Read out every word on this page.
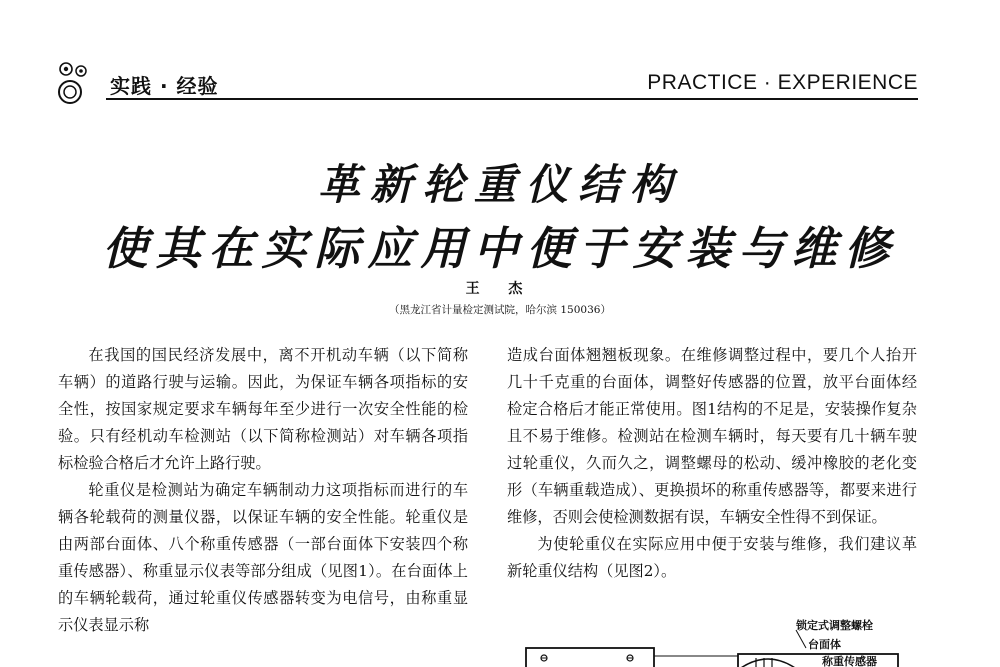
实践 · 经验	PRACTICE · EXPERIENCE
革新轮重仪结构
使其在实际应用中便于安装与维修
王 杰
（黑龙江省计量检定测试院，哈尔滨 150036）

在我国的国民经济发展中，离不开机动车辆（以下简称车辆）的道路行驶与运输。因此，为保证车辆各项指标的安全性，按国家规定要求车辆每年至少进行一次安全性能的检验。只有经机动车检测站（以下简称检测站）对车辆各项指标检验合格后才允许上路行驶。

轮重仪是检测站为确定车辆制动力这项指标而进行的车辆各轮载荷的测量仪器，以保证车辆的安全性能。轮重仪是由两部台面体、八个称重传感器（一部台面体下安装四个称重传感器）、称重显示仪表等部分组成（见图1）。在台面体上的车辆轮载荷，通过轮重仪传感器转变为电信号，由称重显示仪表显示称

造成台面体翘翘板现象。在维修调整过程中，要几个人抬开几十千克重的台面体，调整好传感器的位置，放平台面体经检定合格后才能正常使用。图1结构的不足是，安装操作复杂且不易于维修。检测站在检测车辆时，每天要有几十辆车驶过轮重仪，久而久之，调整螺母的松动、缓冲橡胶的老化变形（车辆重载造成）、更换损坏的称重传感器等，都要来进行维修，否则会使检测数据有误，车辆安全性得不到保证。

为使轮重仪在实际应用中便于安装与维修，我们建议革新轮重仪结构（见图2）。

锁定式调整螺栓
台面体
称重传感器
